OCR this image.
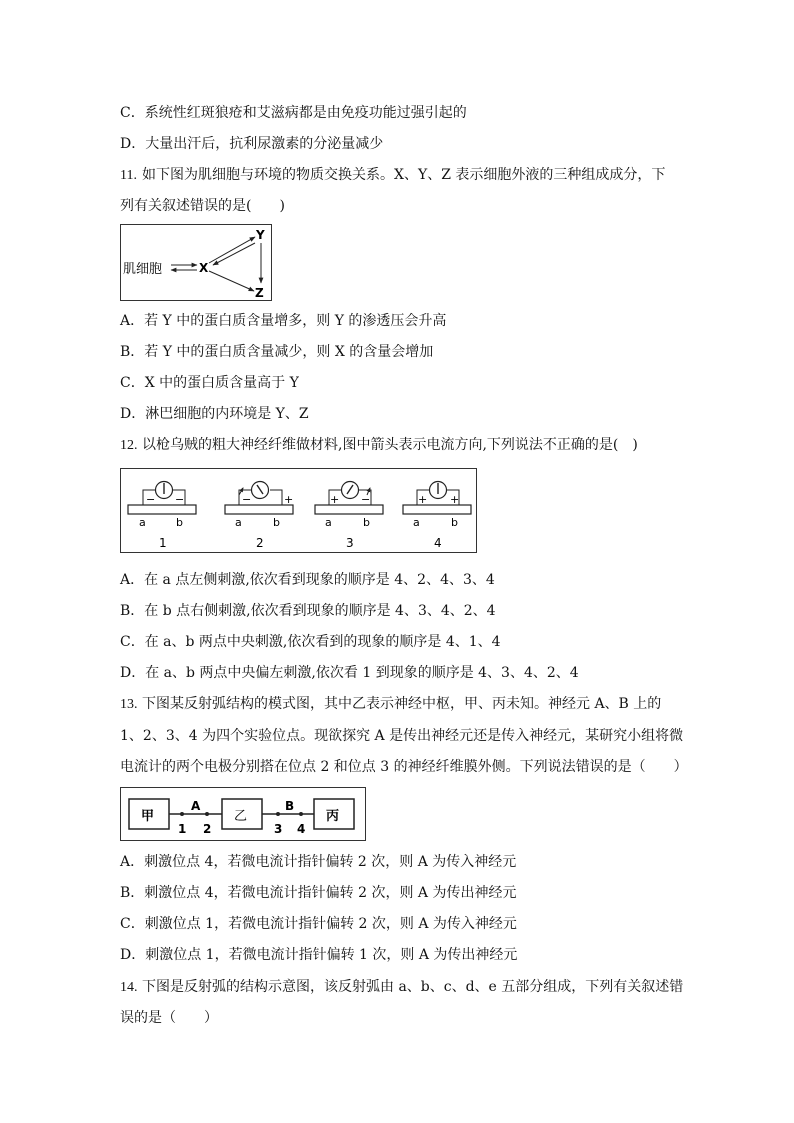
C．系统性红斑狼疮和艾滋病都是由免疫功能过强引起的
D．大量出汗后，抗利尿激素的分泌量减少
11. 如下图为肌细胞与环境的物质交换关系。X、Y、Z 表示细胞外液的三种组成成分，下
列有关叙述错误的是(　　)
肌细胞	X
Y
Z
A．若 Y 中的蛋白质含量增多，则 Y 的渗透压会升高
B．若 Y 中的蛋白质含量减少，则 X 的含量会增加
C．X 中的蛋白质含量高于 Y
D．淋巴细胞的内环境是 Y、Z
12. 以枪乌贼的粗大神经纤维做材料,图中箭头表示电流方向,下列说法不正确的是(　)
− −
a	b
1
−	+
a	b
2
+ −
a	b
3
+ +
a	b
4
A．在 a 点左侧刺激,依次看到现象的顺序是 4、2、4、3、4
B．在 b 点右侧刺激,依次看到现象的顺序是 4、3、4、2、4
C．在 a、b 两点中央刺激,依次看到的现象的顺序是 4、1、4
D．在 a、b 两点中央偏左刺激,依次看 1 到现象的顺序是 4、3、4、2、4
13. 下图某反射弧结构的模式图，其中乙表示神经中枢，甲、丙未知。神经元 A、B 上的
1、2、3、4 为四个实验位点。现欲探究 A 是传出神经元还是传入神经元，某研究小组将微
电流计的两个电极分别搭在位点 2 和位点 3 的神经纤维膜外侧。下列说法错误的是（　　）
甲
A
1 2
乙
B
3 4
丙
A．刺激位点 4，若微电流计指针偏转 2 次，则 A 为传入神经元
B．刺激位点 4，若微电流计指针偏转 2 次，则 A 为传出神经元
C．刺激位点 1，若微电流计指针偏转 2 次，则 A 为传入神经元
D．刺激位点 1，若微电流计指针偏转 1 次，则 A 为传出神经元
14. 下图是反射弧的结构示意图，该反射弧由 a、b、c、d、e 五部分组成，下列有关叙述错
误的是（　　）
